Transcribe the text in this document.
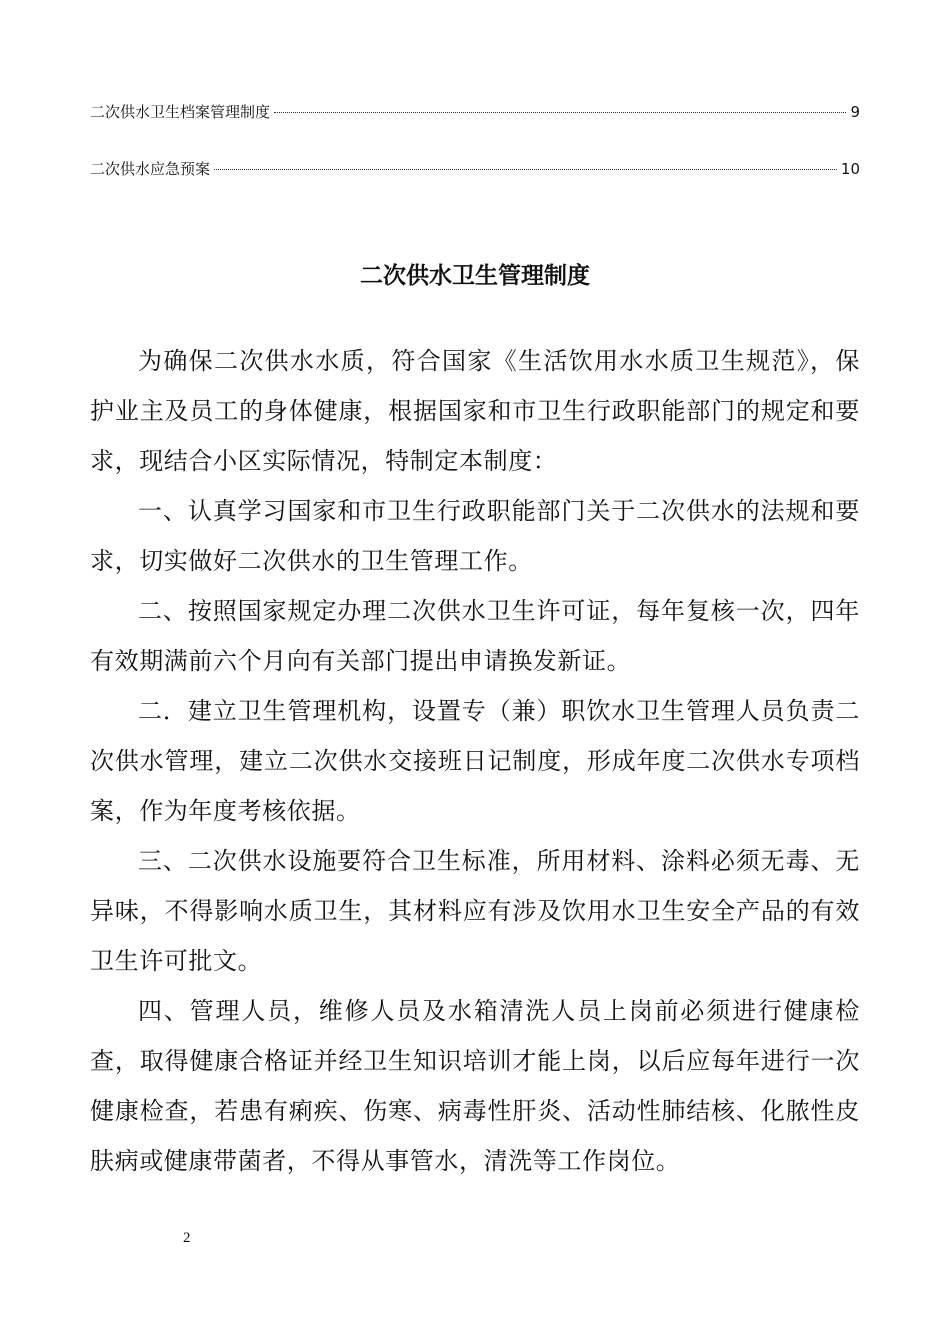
二次供水卫生档案管理制度	9
二次供水应急预案	10
二次供水卫生管理制度

为确保二次供水水质，符合国家《生活饮用水水质卫生规范》，保护业主及员工的身体健康，根据国家和市卫生行政职能部门的规定和要求，现结合小区实际情况，特制定本制度：

一、认真学习国家和市卫生行政职能部门关于二次供水的法规和要求，切实做好二次供水的卫生管理工作。

二、按照国家规定办理二次供水卫生许可证，每年复核一次，四年有效期满前六个月向有关部门提出申请换发新证。

二．建立卫生管理机构，设置专（兼）职饮水卫生管理人员负责二次供水管理，建立二次供水交接班日记制度，形成年度二次供水专项档案，作为年度考核依据。

三、二次供水设施要符合卫生标准，所用材料、涂料必须无毒、无异味，不得影响水质卫生，其材料应有涉及饮用水卫生安全产品的有效卫生许可批文。

四、管理人员，维修人员及水箱清洗人员上岗前必须进行健康检查，取得健康合格证并经卫生知识培训才能上岗，以后应每年进行一次健康检查，若患有痢疾、伤寒、病毒性肝炎、活动性肺结核、化脓性皮肤病或健康带菌者，不得从事管水，清洗等工作岗位。

2
